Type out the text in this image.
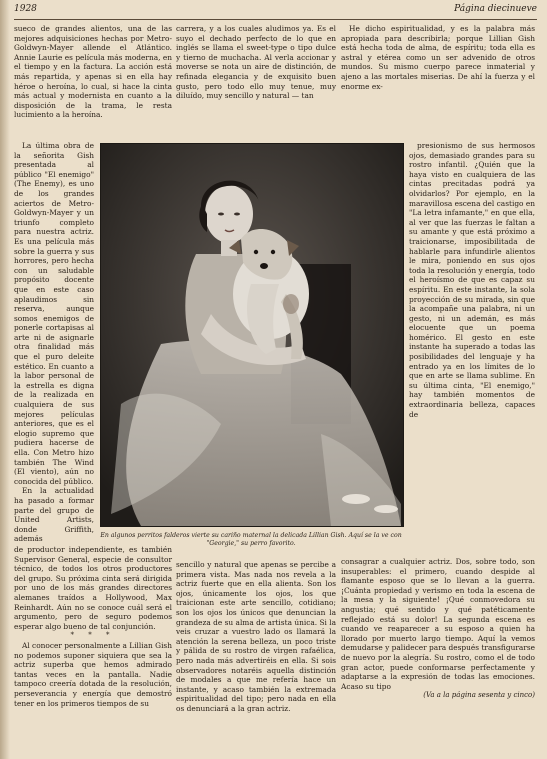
1928	Página diecinueve

sueco de grandes alientos, una de las mejores adquisiciones hechas por Metro-Goldwyn-Mayer allende el Atlántico. Annie Laurie es película más moderna, en el tiempo y en la factura. La acción está más repartida, y apenas si en ella hay héroe o heroína, lo cual, si hace la cinta más actual y modernista en cuanto a la disposición de la trama, le resta lucimiento a la heroína.

La última obra de la señorita Gish presentada al público "El enemigo" (The Enemy), es uno de los grandes aciertos de Metro-Goldwyn-Mayer y un triunfo completo para nuestra actriz. Es una película más sobre la guerra y sus horrores, pero hecha con un saludable propósito docente que en este caso aplaudimos sin reserva, aunque somos enemigos de ponerle cortapisas al arte ni de asignarle otra finalidad más que el puro deleite estético. En cuanto a la labor personal de la estrella es digna de la realizada en cualquiera de sus mejores películas anteriores, que es el elogio supremo que pudiera hacerse de ella. Con Metro hizo también The Wind (El viento), aún no conocida del público.

En la actualidad ha pasado a formar parte del grupo de United Artists, donde Griffith, además

de productor independiente, es también Supervisor General, especie de consultor técnico, de todos los otros productores del grupo. Su próxima cinta será dirigida por uno de los más grandes directores alemanes traídos a Hollywood, Max Reinhardt. Aún no se conoce cuál será el argumento, pero de seguro podemos esperar algo bueno de tal conjunción.

* * *

Al conocer personalmente a Lillian Gish no podemos suponer siquiera que sea la actriz superba que hemos admirado tantas veces en la pantalla. Nadie tampoco creería dotada de la resolución, perseverancia y energía que demostró tener en los primeros tiempos de su

carrera, y a los cuales aludimos ya. Es el suyo el dechado perfecto de lo que en inglés se llama el sweet-type o tipo dulce y tierno de muchacha. Al verla accionar y moverse se nota un aire de distinción, de refinada elegancia y de exquisito buen gusto, pero todo ello muy tenue, muy diluído, muy sencillo y natural — tan

sencillo y natural que apenas se percibe a primera vista. Mas nada nos revela a la actriz fuerte que en ella alienta. Son los ojos, únicamente los ojos, los que traicionan este arte sencillo, cotidiano; son los ojos los únicos que denuncian la grandeza de su alma de artista única. Si la veis cruzar a vuestro lado os llamará la atención la serena belleza, un poco triste y pálida de su rostro de virgen rafaélica, pero nada más advertiréis en ella. Si sois observadores notaréis aquella distinción de modales a que me refería hace un instante, y acaso también la extremada espiritualidad del tipo; pero nada en ella os denunciará a la gran actriz.

He dicho espiritualidad, y es la palabra más apropiada para describirla; porque Lillian Gish está hecha toda de alma, de espíritu; toda ella es astral y etérea como un ser advenido de otros mundos. Su mismo cuerpo parece inmaterial y ajeno a las mortales miserias. De ahí la fuerza y el enorme ex-

presionismo de sus hermosos ojos, demasiado grandes para su rostro infantil. ¿Quién que la haya visto en cualquiera de las cintas precitadas podrá ya olvidarlos? Por ejemplo, en la maravillosa escena del castigo en "La letra infamante," en que ella, al ver que las fuerzas le faltan a su amante y que está próximo a traicionarse, imposibilitada de hablarle para infundirle alientos le mira, poniendo en sus ojos toda la resolución y energía, todo el heroísmo de que es capaz su espíritu. En este instante, la sola proyección de su mirada, sin que la acompañe una palabra, ni un gesto, ni un ademán, es más elocuente que un poema homérico. El gesto en este instante ha superado a todas las posibilidades del lenguaje y ha entrado ya en los límites de lo que en arte se llama sublime. En su última cinta, "El enemigo," hay también momentos de extraordinaria belleza, capaces de

consagrar a cualquier actriz. Dos, sobre todo, son insuperables: el primero, cuando despide al flamante esposo que se lo llevan a la guerra. ¡Cuánta propiedad y verismo en toda la escena de la mesa y la siguiente! ¡Qué conmovedora su angustia; qué sentido y qué patéticamente reflejado está su dolor! La segunda escena es cuando ve reaparecer a su esposo a quien ha llorado por muerto largo tiempo. Aquí la vemos demudarse y palidecer para después transfigurarse de nuevo por la alegría. Su rostro, como el de todo gran actor, puede conformarse perfectamente y adaptarse a la expresión de todas las emociones. Acaso su tipo

(Va a la página sesenta y cinco)
En algunos perritos falderos vierte su cariño maternal la delicada Lillian Gish. Aquí se la ve con "Georgie," su perro favorito.
